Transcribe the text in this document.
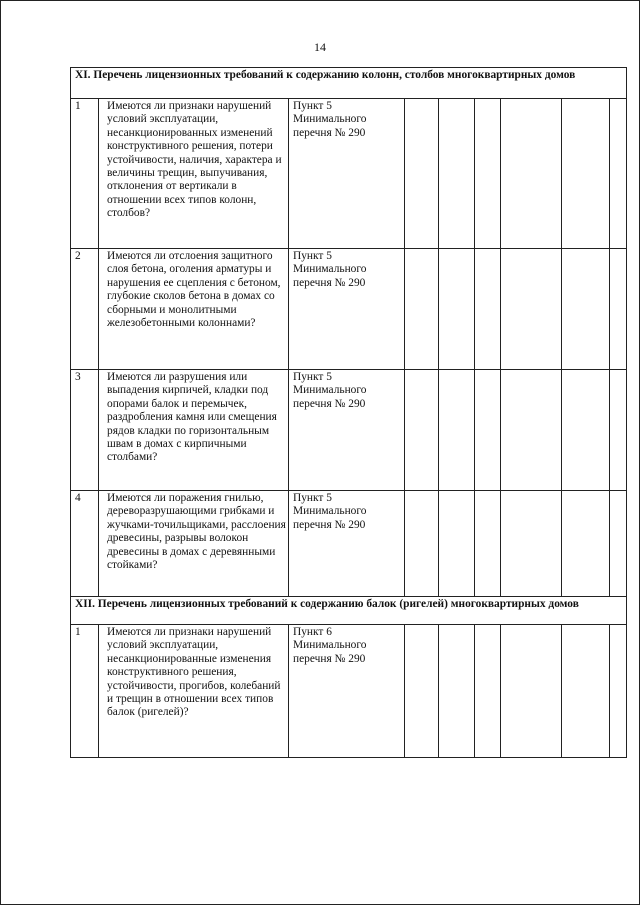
14
XI. Перечень лицензионных требований к содержанию колонн, столбов многоквартирных домов								
1	Имеются ли признаки нарушений условий эксплуатации, несанкционированных изменений конструктивного решения, потери устойчивости, наличия, характера и величины трещин, выпучивания, отклонения от вертикали в отношении всех типов колонн, столбов?	Пункт 5 Минимального перечня № 290						
2	Имеются ли отслоения защитного слоя бетона, оголения арматуры и нарушения ее сцепления с бетоном, глубокие сколов бетона в домах со сборными и монолитными железобетонными колоннами?	Пункт 5 Минимального перечня № 290						
3	Имеются ли разрушения или выпадения кирпичей, кладки под опорами балок и перемычек, раздробления камня или смещения рядов кладки по горизонтальным швам в домах с кирпичными столбами?	Пункт 5 Минимального перечня № 290						
4	Имеются ли поражения гнилью, дереворазрушающими грибками и жучками-точильщиками, расслоения древесины, разрывы волокон древесины в домах с деревянными стойками?	Пункт 5 Минимального перечня № 290						
XII. Перечень лицензионных требований к содержанию балок (ригелей) многоквартирных домов								
1	Имеются ли признаки нарушений условий эксплуатации, несанкционированные изменения конструктивного решения, устойчивости, прогибов, колебаний и трещин в отношении всех типов балок (ригелей)?	Пункт 6 Минимального перечня № 290						
